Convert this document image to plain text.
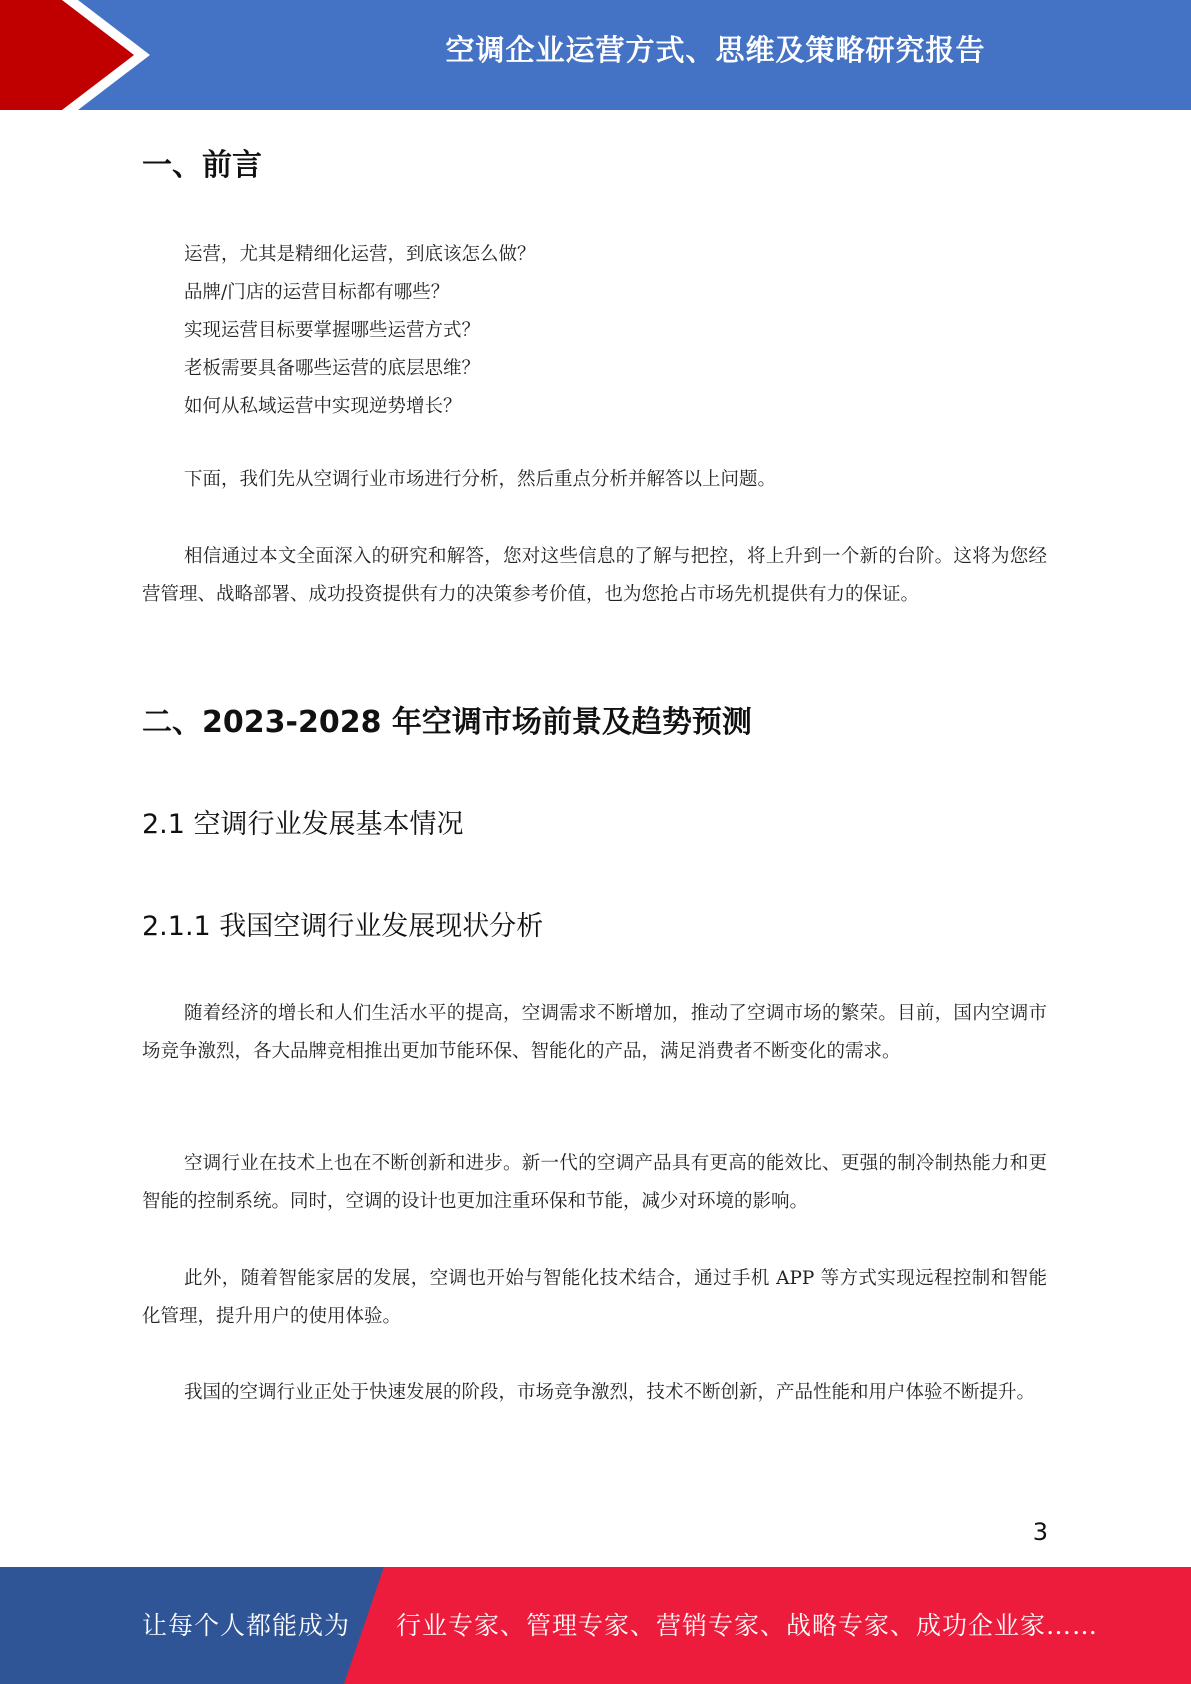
空调企业运营方式、思维及策略研究报告
一、前言
运营，尤其是精细化运营，到底该怎么做？
品牌/门店的运营目标都有哪些？
实现运营目标要掌握哪些运营方式？
老板需要具备哪些运营的底层思维？
如何从私域运营中实现逆势增长？

下面，我们先从空调行业市场进行分析，然后重点分析并解答以上问题。

相信通过本文全面深入的研究和解答，您对这些信息的了解与把控，将上升到一个新的台阶。这将为您经营管理、战略部署、成功投资提供有力的决策参考价值，也为您抢占市场先机提供有力的保证。

二、2023-2028 年空调市场前景及趋势预测
2.1 空调行业发展基本情况
2.1.1 我国空调行业发展现状分析

随着经济的增长和人们生活水平的提高，空调需求不断增加，推动了空调市场的繁荣。目前，国内空调市场竞争激烈，各大品牌竞相推出更加节能环保、智能化的产品，满足消费者不断变化的需求。

空调行业在技术上也在不断创新和进步。新一代的空调产品具有更高的能效比、更强的制冷制热能力和更智能的控制系统。同时，空调的设计也更加注重环保和节能，减少对环境的影响。

此外，随着智能家居的发展，空调也开始与智能化技术结合，通过手机 APP 等方式实现远程控制和智能化管理，提升用户的使用体验。

我国的空调行业正处于快速发展的阶段，市场竞争激烈，技术不断创新，产品性能和用户体验不断提升。

3
让每个人都能成为 行业专家、管理专家、营销专家、战略专家、成功企业家……
